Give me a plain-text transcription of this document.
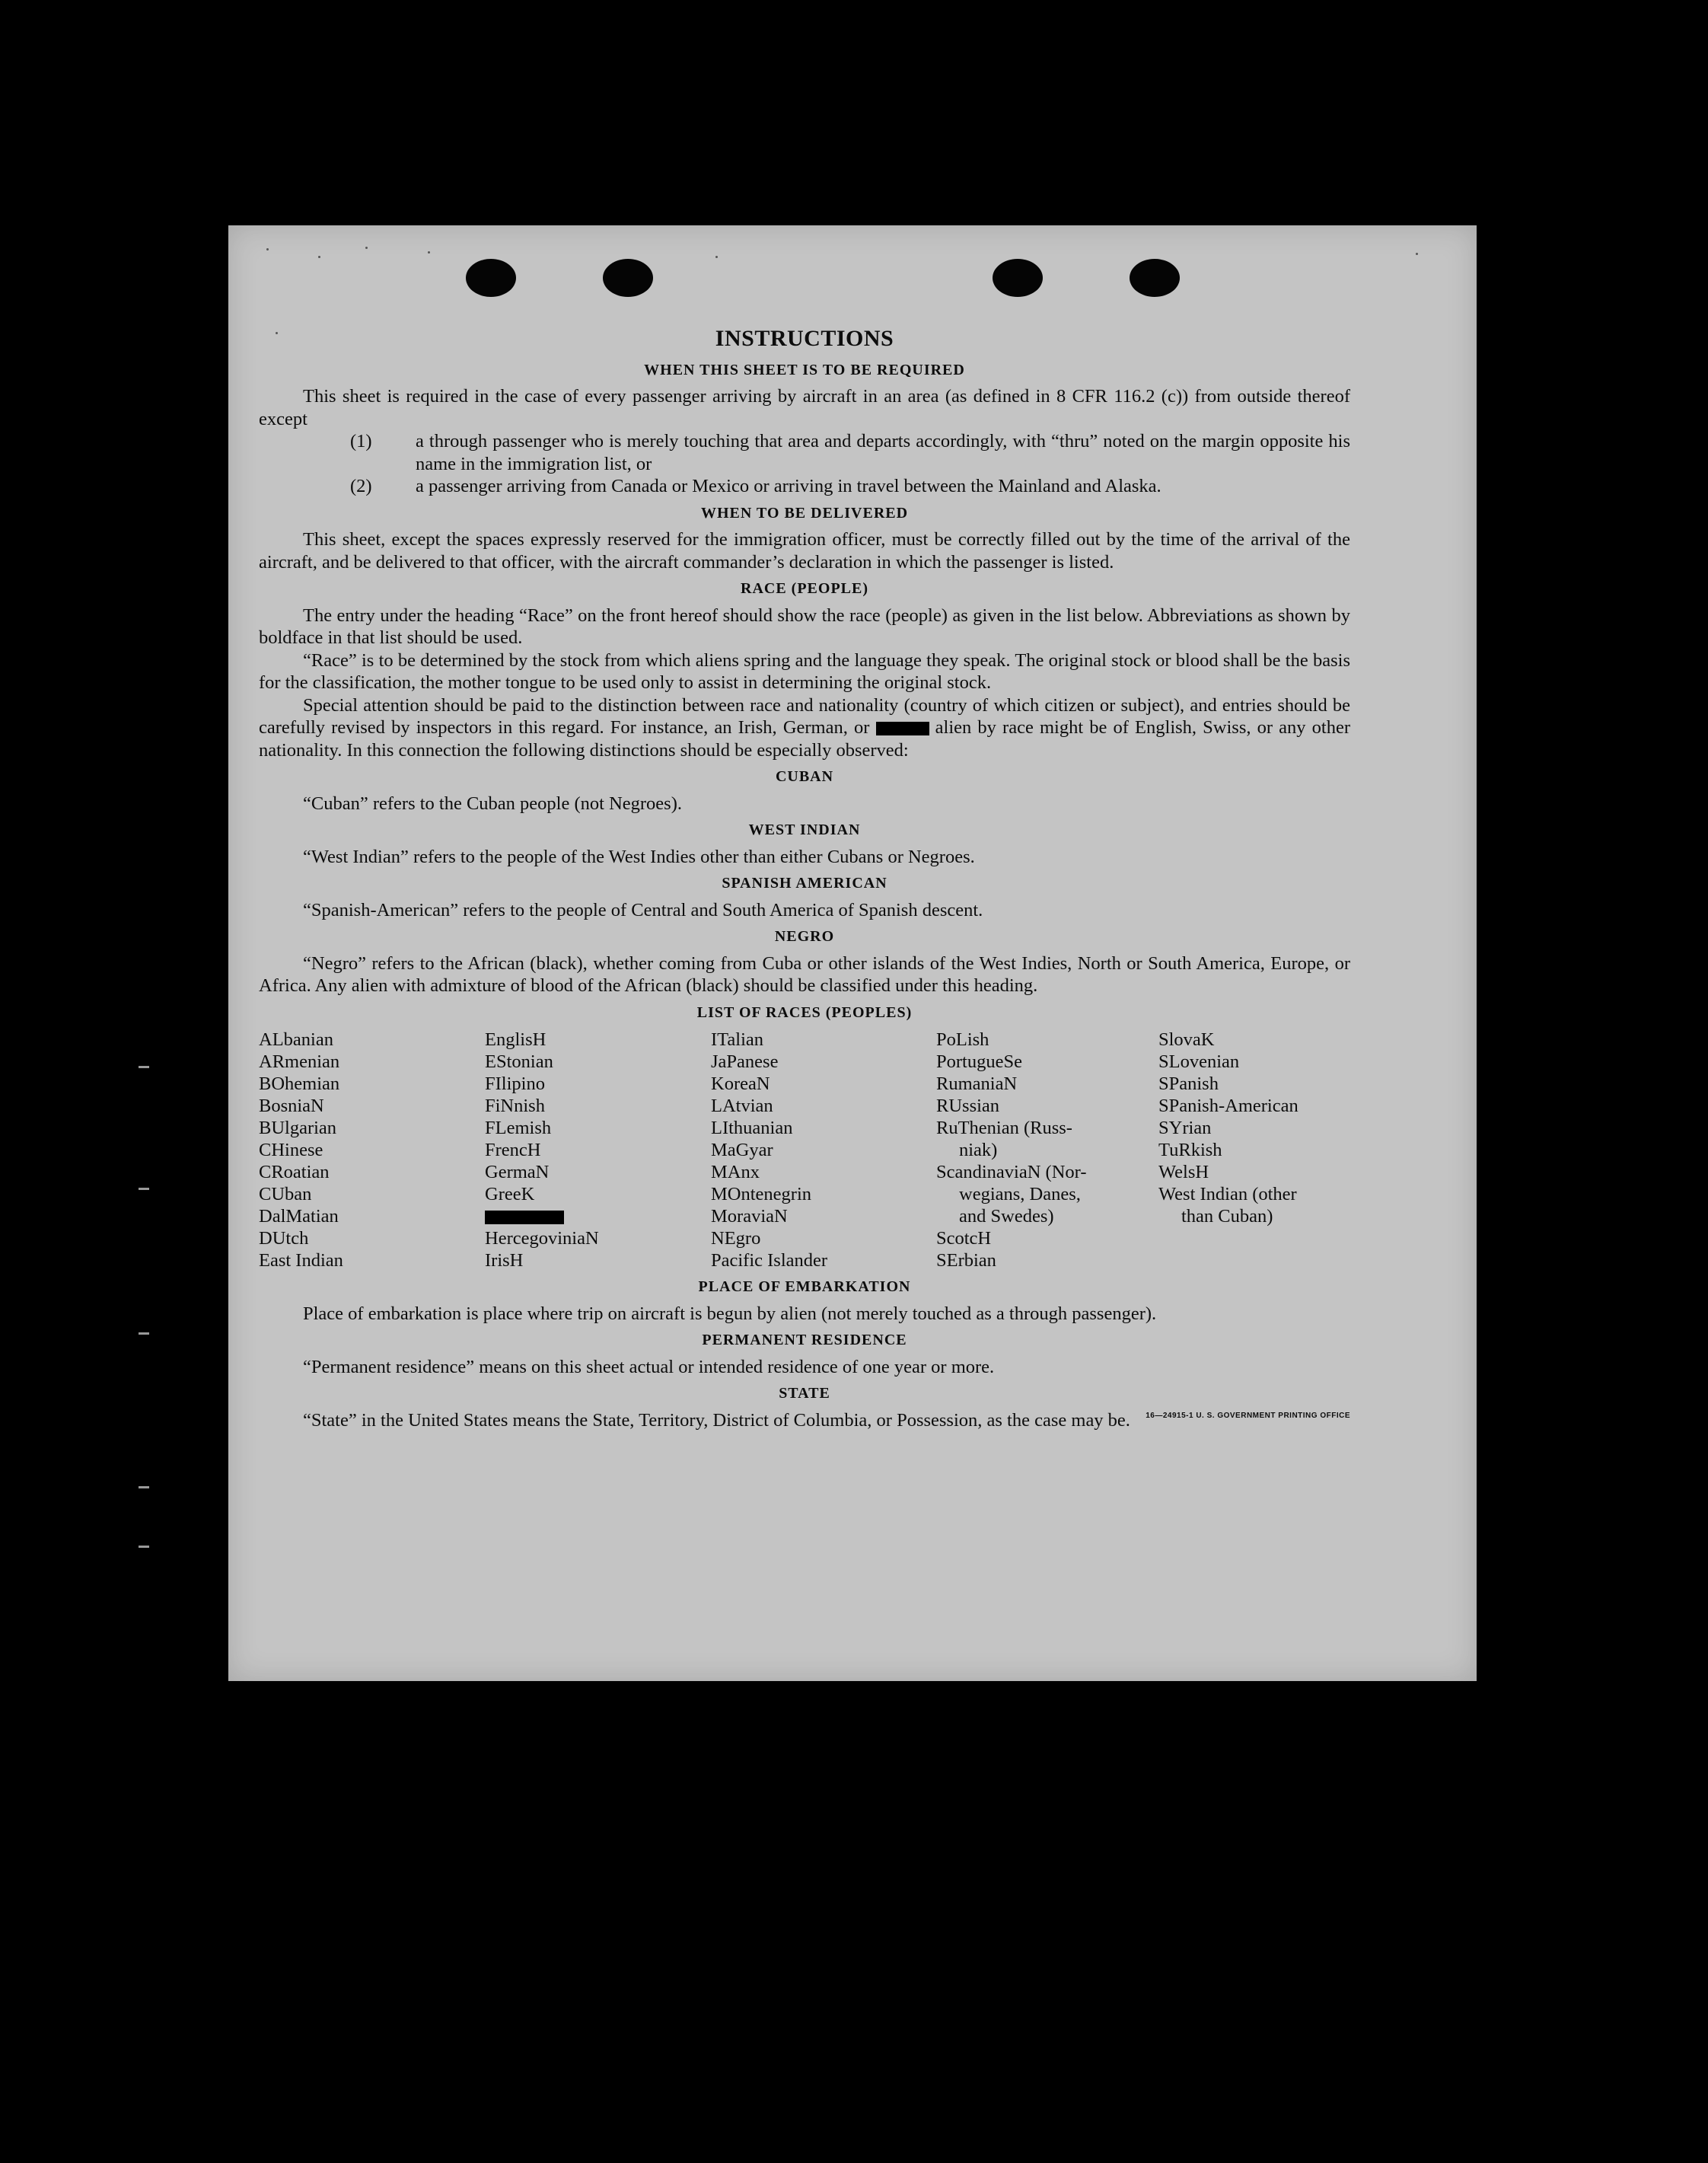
INSTRUCTIONS
WHEN THIS SHEET IS TO BE REQUIRED

This sheet is required in the case of every passenger arriving by aircraft in an area (as defined in 8 CFR 116.2 (c)) from outside thereof except

(1) a through passenger who is merely touching that area and departs accordingly, with “thru” noted on the margin opposite his name in the immigration list, or

(2) a passenger arriving from Canada or Mexico or arriving in travel between the Mainland and Alaska.

WHEN TO BE DELIVERED

This sheet, except the spaces expressly reserved for the immigration officer, must be correctly filled out by the time of the arrival of the aircraft, and be delivered to that officer, with the aircraft commander’s declaration in which the passenger is listed.

RACE (PEOPLE)

The entry under the heading “Race” on the front hereof should show the race (people) as given in the list below. Abbreviations as shown by boldface in that list should be used.

“Race” is to be determined by the stock from which aliens spring and the language they speak. The original stock or blood shall be the basis for the classification, the mother tongue to be used only to assist in determining the original stock.

Special attention should be paid to the distinction between race and nationality (country of which citizen or subject), and entries should be carefully revised by inspectors in this regard. For instance, an Irish, German, or	alien by race might be of English, Swiss, or any other nationality. In this connection the following distinctions should be especially observed:

CUBAN

“Cuban” refers to the Cuban people (not Negroes).

WEST INDIAN

“West Indian” refers to the people of the West Indies other than either Cubans or Negroes.

SPANISH AMERICAN

“Spanish-American” refers to the people of Central and South America of Spanish descent.

NEGRO

“Negro” refers to the African (black), whether coming from Cuba or other islands of the West Indies, North or South America, Europe, or Africa. Any alien with admixture of blood of the African (black) should be classified under this heading.

LIST OF RACES (PEOPLES)
ALbanian
ARmenian
BOhemian
BosniaN
BUlgarian
CHinese
CRoatian
CUban
DalMatian
DUtch
East Indian
EnglisH
EStonian
FIlipino
FiNnish
FLemish
FrencH
GermaN
GreeK
HercegoviniaN
IrisH
ITalian
JaPanese
KoreaN
LAtvian
LIthuanian
MaGyar
MAnx
MOntenegrin
MoraviaN
NEgro
Pacific Islander
PoLish
PortugueSe
RumaniaN
RUssian
RuThenian (Russ-
niak)
ScandinaviaN (Nor-
wegians, Danes,
and Swedes)
ScotcH
SErbian
SlovaK
SLovenian
SPanish
SPanish-American
SYrian
TuRkish
WelsH
West Indian (other
than Cuban)
PLACE OF EMBARKATION

Place of embarkation is place where trip on aircraft is begun by alien (not merely touched as a through passenger).

PERMANENT RESIDENCE

“Permanent residence” means on this sheet actual or intended residence of one year or more.

STATE

“State” in the United States means the State, Territory, District of Columbia, or Possession, as the case may be.	16—24915-1 U. S. GOVERNMENT PRINTING OFFICE
